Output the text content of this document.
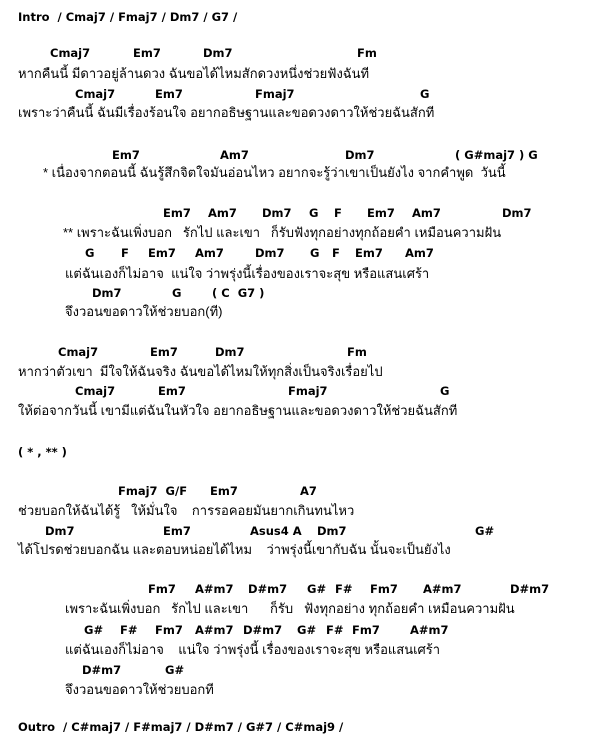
Intro  / Cmaj7 / Fmaj7 / Dm7 / G7 /
Cmaj7	Em7	Dm7	Fm
หากคืนนี้ มีดาวอยู่ล้านดวง ฉันขอได้ไหมสักดวงหนึ่งช่วยฟังฉันที
Cmaj7	Em7	Fmaj7	G
เพราะว่าคืนนี้ ฉันมีเรื่องร้อนใจ อยากอธิษฐานและขอดวงดาวให้ช่วยฉันสักที
Em7	Am7	Dm7	( G#maj7 ) G
* เนื่องจากตอนนี้ ฉันรู้สึกจิตใจมันอ่อนไหว อยากจะรู้ว่าเขาเป็นยังไง จากคำพูด  วันนี้
Em7 Am7 Dm7 G F Em7 Am7	Dm7
** เพราะฉันเพิ่งบอก   รักไป และเขา   ก็รับฟังทุกอย่างทุกถ้อยคำ เหมือนความฝัน
G F Em7 Am7	Dm7 G F Em7 Am7
แต่ฉันเองก็ไม่อาจ  แน่ใจ ว่าพรุ่งนี้เรื่องของเราจะสุข หรือแสนเศร้า
Dm7	G	( C  G7 )
จึงวอนขอดาวให้ช่วยบอก(ที)
Cmaj7	Em7	Dm7	Fm
หากว่าตัวเขา  มีใจให้ฉันจริง ฉันขอได้ไหมให้ทุกสิ่งเป็นจริงเรื่อยไป
Cmaj7	Em7	Fmaj7	G
ให้ต่อจากวันนี้ เขามีแต่ฉันในหัวใจ อยากอธิษฐานและขอดวงดาวให้ช่วยฉันสักที
( * , ** )
Fmaj7  G/F Em7	A7
ช่วยบอกให้ฉันได้รู้   ให้มั่นใจ    การรอคอยมันยากเกินทนไหว
Dm7	Em7	Asus4 A Dm7	G#
ได้โปรดช่วยบอกฉัน และตอบหน่อยได้ไหม    ว่าพรุ่งนี้เขากับฉัน นั้นจะเป็นยังไง
Fm7 A#m7 D#m7 G# F# Fm7 A#m7	D#m7
เพราะฉันเพิ่งบอก   รักไป และเขา      ก็รับ   ฟังทุกอย่าง ทุกถ้อยคำ เหมือนความฝัน
G# F# Fm7 A#m7 D#m7 G# F# Fm7	A#m7
แต่ฉันเองก็ไม่อาจ    แน่ใจ ว่าพรุ่งนี้ เรื่องของเราจะสุข หรือแสนเศร้า
D#m7	G#
จึงวอนขอดาวให้ช่วยบอกที
Outro  / C#maj7 / F#maj7 / D#m7 / G#7 / C#maj9 /
